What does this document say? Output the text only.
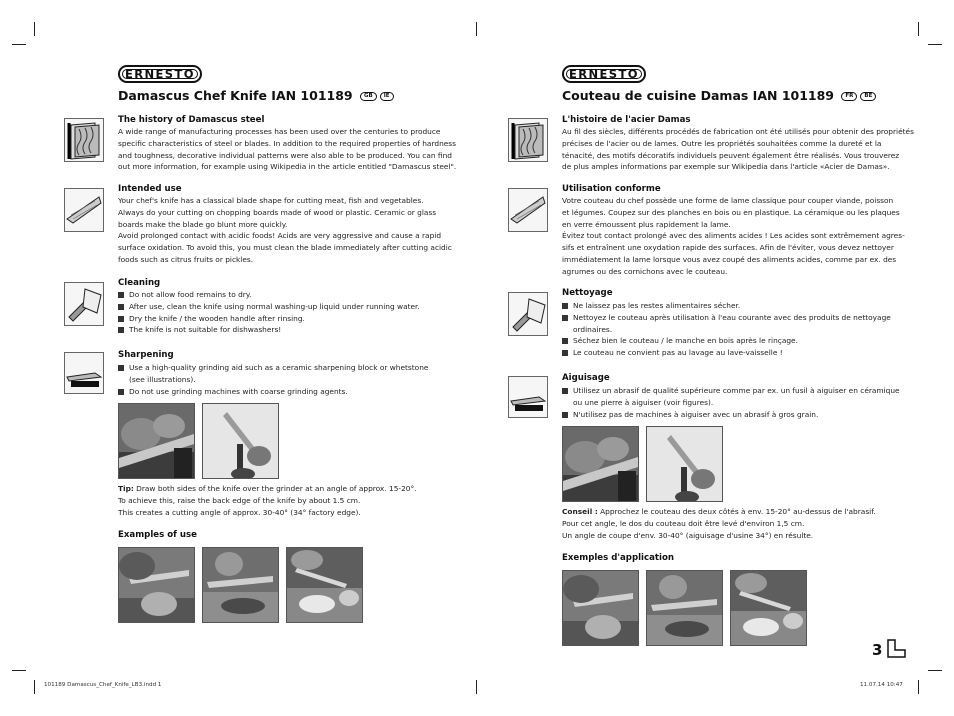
ERNESTO
Damascus Chef Knife IAN 101189 GB IE
The history of Damascus steel
A wide range of manufacturing processes has been used over the centuries to produce
specific characteristics of steel or blades. In addition to the required properties of hardness
and toughness, decorative individual patterns were also able to be produced. You can find
out more information, for example using Wikipedia in the article entitled "Damascus steel".
Intended use
Your chef's knife has a classical blade shape for cutting meat, fish and vegetables.
Always do your cutting on chopping boards made of wood or plastic. Ceramic or glass
boards make the blade go blunt more quickly.
Avoid prolonged contact with acidic foods! Acids are very aggressive and cause a rapid
surface oxidation. To avoid this, you must clean the blade immediately after cutting acidic
foods such as citrus fruits or pickles.
Cleaning
Do not allow food remains to dry.
After use, clean the knife using normal washing-up liquid under running water.
Dry the knife / the wooden handle after rinsing.
The knife is not suitable for dishwashers!
Sharpening
Use a high-quality grinding aid such as a ceramic sharpening block or whetstone
(see illustrations).
Do not use grinding machines with coarse grinding agents.
Tip: Draw both sides of the knife over the grinder at an angle of approx. 15-20°.
To achieve this, raise the back edge of the knife by about 1.5 cm.
This creates a cutting angle of approx. 30-40° (34° factory edge).
Examples of use
ERNESTO
Couteau de cuisine Damas IAN 101189 FR BE
L'histoire de l'acier Damas
Au fil des siècles, différents procédés de fabrication ont été utilisés pour obtenir des propriétés
précises de l'acier ou de lames. Outre les propriétés souhaitées comme la dureté et la
ténacité, des motifs décoratifs individuels peuvent également être réalisés. Vous trouverez
de plus amples informations par exemple sur Wikipedia dans l'article «Acier de Damas».
Utilisation conforme
Votre couteau du chef possède une forme de lame classique pour couper viande, poisson
et légumes. Coupez sur des planches en bois ou en plastique. La céramique ou les plaques
en verre émoussent plus rapidement la lame.
Évitez tout contact prolongé avec des aliments acides ! Les acides sont extrêmement agres-
sifs et entraînent une oxydation rapide des surfaces. Afin de l'éviter, vous devez nettoyer
immédiatement la lame lorsque vous avez coupé des aliments acides, comme par ex. des
agrumes ou des cornichons avec le couteau.
Nettoyage
Ne laissez pas les restes alimentaires sécher.
Nettoyez le couteau après utilisation à l'eau courante avec des produits de nettoyage
ordinaires.
Séchez bien le couteau / le manche en bois après le rinçage.
Le couteau ne convient pas au lavage au lave-vaisselle !
Aiguisage
Utilisez un abrasif de qualité supérieure comme par ex. un fusil à aiguiser en céramique
ou une pierre à aiguiser (voir figures).
N'utilisez pas de machines à aiguiser avec un abrasif à gros grain.
Conseil : Approchez le couteau des deux côtés à env. 15-20° au-dessus de l'abrasif.
Pour cet angle, le dos du couteau doit être levé d'environ 1,5 cm.
Un angle de coupe d'env. 30-40° (aiguisage d'usine 34°) en résulte.
Exemples d'application
3
101189 Damascus_Chef_Knife_LB3.indd 1	11.07.14 10:47
